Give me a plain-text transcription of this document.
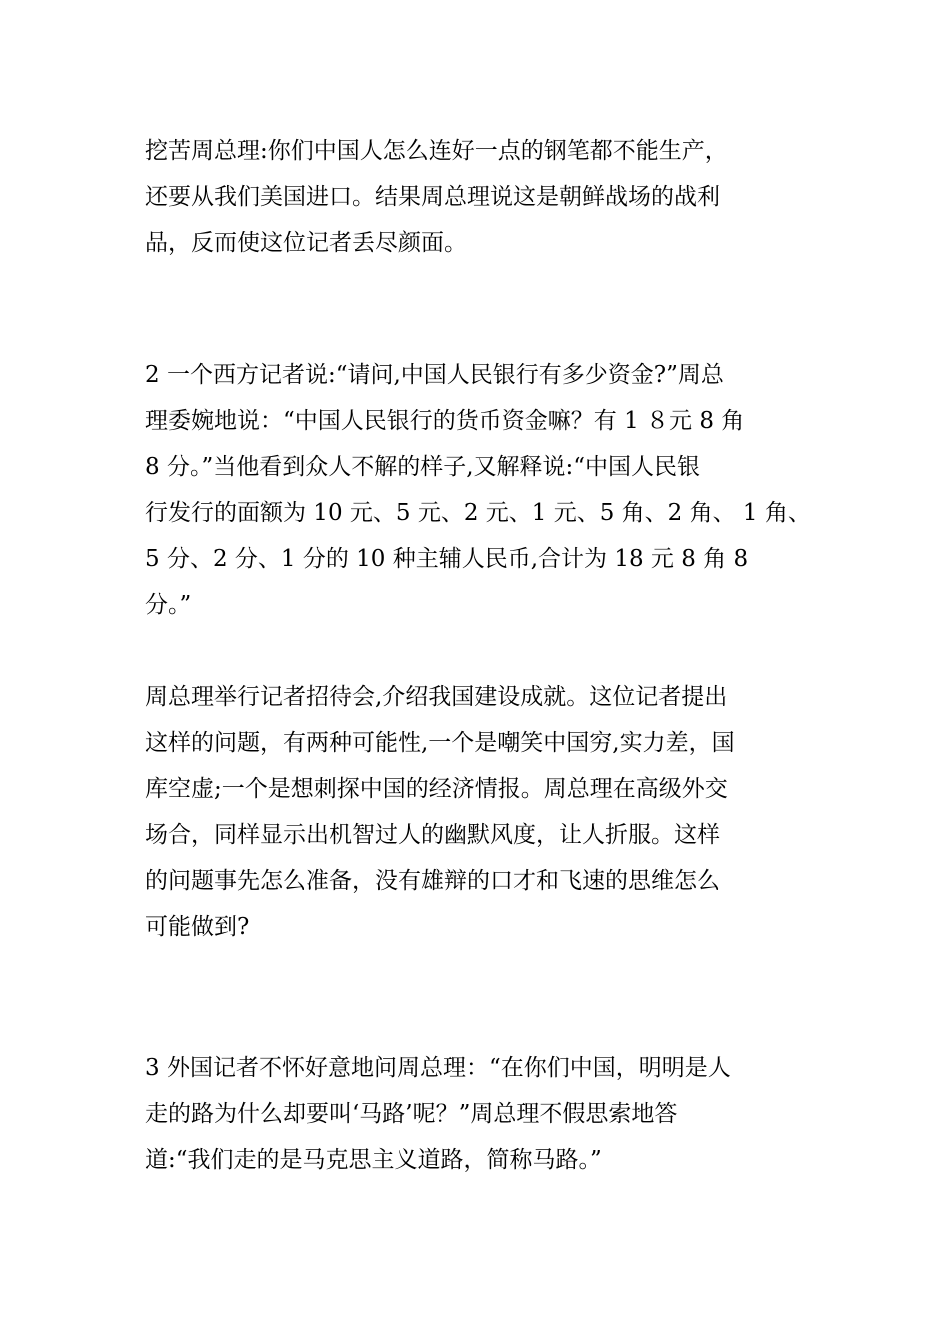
挖苦周总理:你们中国人怎么连好一点的钢笔都不能生产，
还要从我们美国进口。结果周总理说这是朝鲜战场的战利
品，反而使这位记者丢尽颜面。
2 一个西方记者说:“请问,中国人民银行有多少资金?”周总
理委婉地说：“中国人民银行的货币资金嘛？有 1 ８元 8 角
8 分。”当他看到众人不解的样子,又解释说:“中国人民银
行发行的面额为 10 元、5 元、2 元、1 元、5 角、2 角、 1 角、
5 分、2 分、1 分的 10 种主辅人民币,合计为 18 元 8 角 8
分。”
周总理举行记者招待会,介绍我国建设成就。这位记者提出
这样的问题，有两种可能性,一个是嘲笑中国穷,实力差，国
库空虚;一个是想刺探中国的经济情报。周总理在高级外交
场合，同样显示出机智过人的幽默风度，让人折服。这样
的问题事先怎么准备，没有雄辩的口才和飞速的思维怎么
可能做到?
3 外国记者不怀好意地问周总理：“在你们中国，明明是人
走的路为什么却要叫‘马路’呢？”周总理不假思索地答
道:“我们走的是马克思主义道路，简称马路。”
